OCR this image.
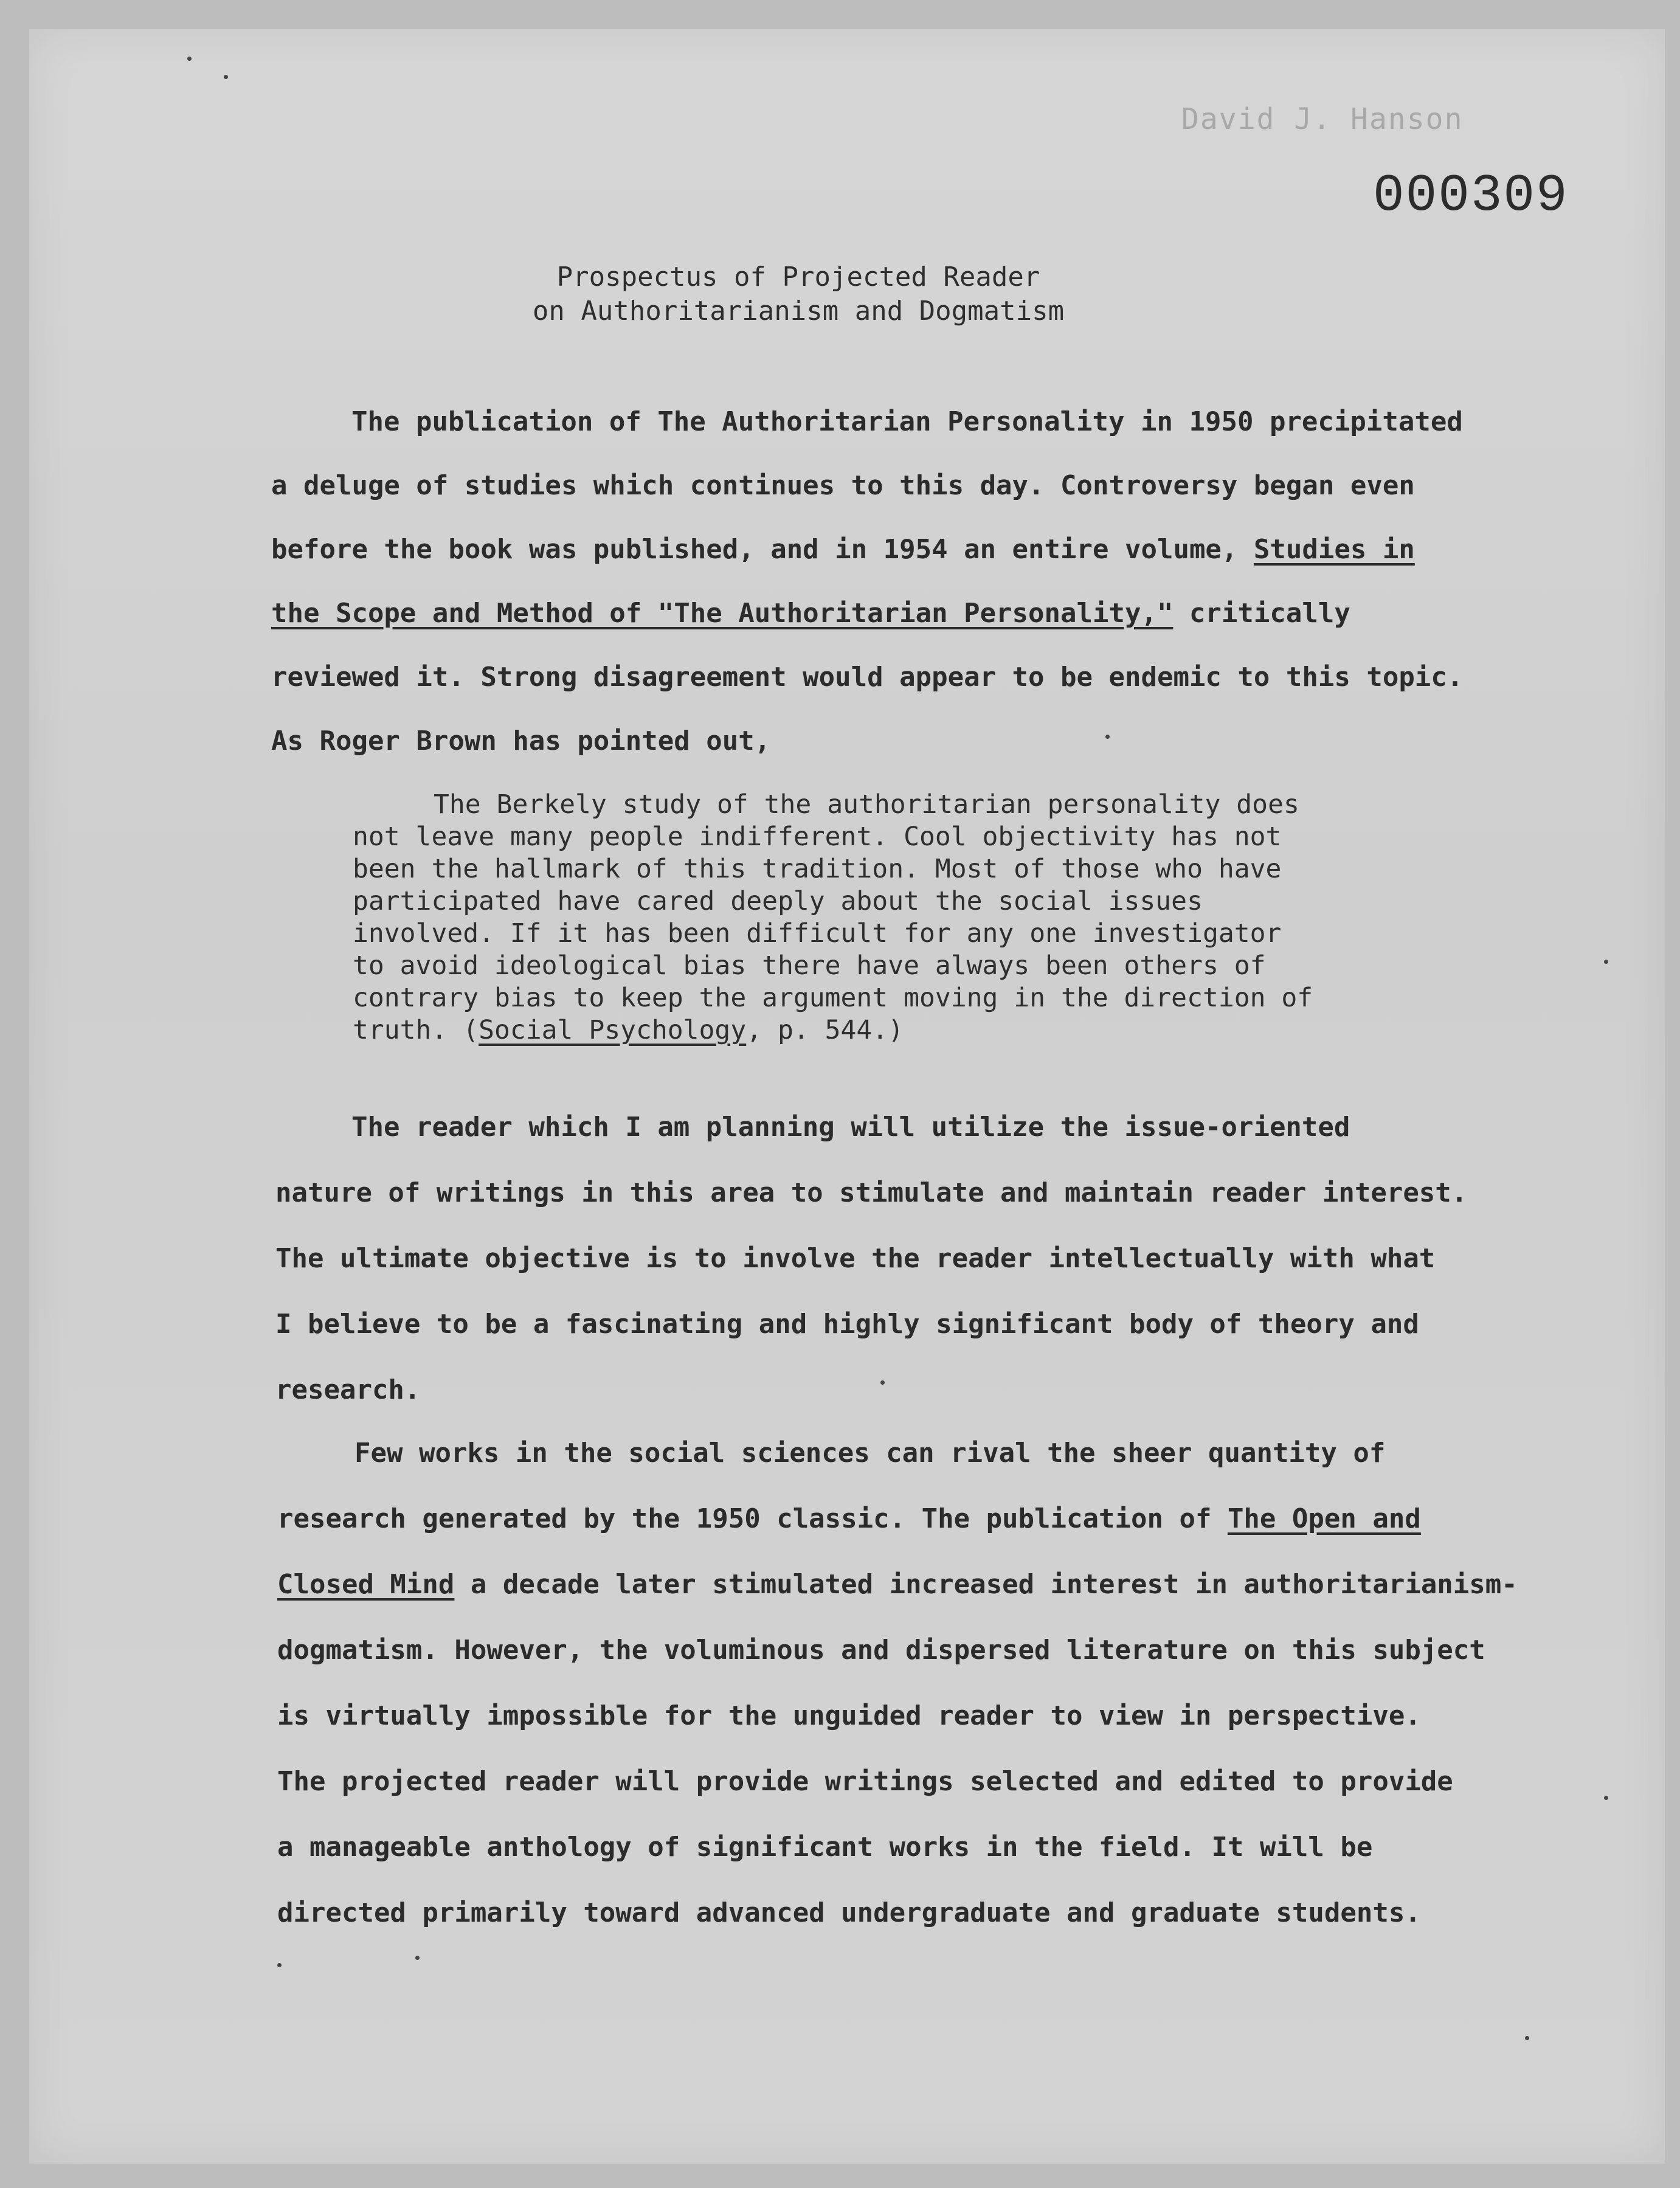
David J. Hanson
000309
Prospectus of Projected Reader
on Authoritarianism and Dogmatism
The publication of The Authoritarian Personality in 1950 precipitated
a deluge of studies which continues to this day. Controversy began even
before the book was published, and in 1954 an entire volume, Studies in
the Scope and Method of "The Authoritarian Personality," critically
reviewed it. Strong disagreement would appear to be endemic to this topic.
As Roger Brown has pointed out,
The Berkely study of the authoritarian personality does
not leave many people indifferent. Cool objectivity has not
been the hallmark of this tradition. Most of those who have
participated have cared deeply about the social issues
involved. If it has been difficult for any one investigator
to avoid ideological bias there have always been others of
contrary bias to keep the argument moving in the direction of
truth. (Social Psychology, p. 544.)
The reader which I am planning will utilize the issue-oriented
nature of writings in this area to stimulate and maintain reader interest.
The ultimate objective is to involve the reader intellectually with what
I believe to be a fascinating and highly significant body of theory and
research.
Few works in the social sciences can rival the sheer quantity of
research generated by the 1950 classic. The publication of The Open and
Closed Mind a decade later stimulated increased interest in authoritarianism-
dogmatism. However, the voluminous and dispersed literature on this subject
is virtually impossible for the unguided reader to view in perspective.
The projected reader will provide writings selected and edited to provide
a manageable anthology of significant works in the field. It will be
directed primarily toward advanced undergraduate and graduate students.
